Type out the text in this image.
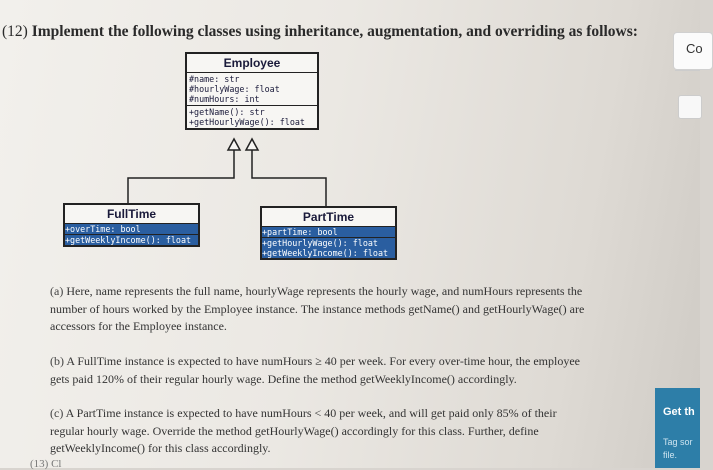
(12) Implement the following classes using inheritance, augmentation, and overriding as follows:
Employee
#name: str
#hourlyWage: float
#numHours: int
+getName(): str
+getHourlyWage(): float
FullTime
+overTime: bool
+getWeeklyIncome(): float
PartTime
+partTime: bool
+getHourlyWage(): float
+getWeeklyIncome(): float

(a) Here, name represents the full name, hourlyWage represents the hourly wage, and numHours represents the number of hours worked by the Employee instance. The instance methods getName() and getHourlyWage() are accessors for the Employee instance.

(b) A FullTime instance is expected to have numHours ≥ 40 per week. For every over-time hour, the employee gets paid 120% of their regular hourly wage. Define the method getWeeklyIncome() accordingly.

(c) A PartTime instance is expected to have numHours < 40 per week, and will get paid only 85% of their regular hourly wage. Override the method getHourlyWage() accordingly for this class. Further, define getWeeklyIncome() for this class accordingly.

(13) Cl
Co
Get th
Tag sor
file.
